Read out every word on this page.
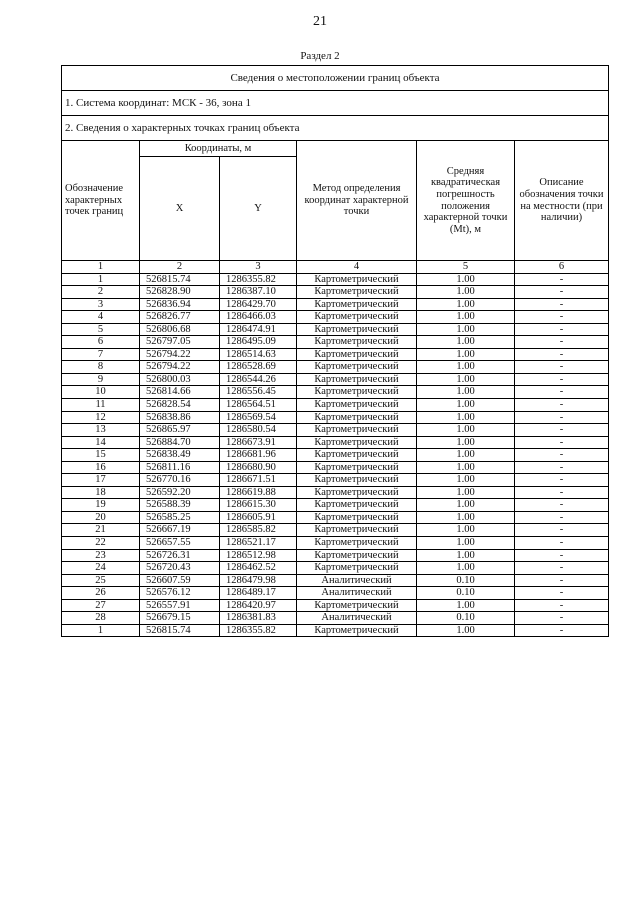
21
Раздел 2
Сведения о местоположении границ объекта					
1. Система координат: МСК - 36, зона 1					
2. Сведения о характерных точках границ объекта					
Обозначение характерных точек границ	Координаты, м		Метод определения координат характерной точки	Средняя квадратическая погрешность положения характерной точки (Mt), м	Описание обозначения точки на местности (при наличии)
	X	Y			
1	2	3	4	5	6
1	526815.74	1286355.82	Картометрический	1.00	-
2	526828.90	1286387.10	Картометрический	1.00	-
3	526836.94	1286429.70	Картометрический	1.00	-
4	526826.77	1286466.03	Картометрический	1.00	-
5	526806.68	1286474.91	Картометрический	1.00	-
6	526797.05	1286495.09	Картометрический	1.00	-
7	526794.22	1286514.63	Картометрический	1.00	-
8	526794.22	1286528.69	Картометрический	1.00	-
9	526800.03	1286544.26	Картометрический	1.00	-
10	526814.66	1286556.45	Картометрический	1.00	-
11	526828.54	1286564.51	Картометрический	1.00	-
12	526838.86	1286569.54	Картометрический	1.00	-
13	526865.97	1286580.54	Картометрический	1.00	-
14	526884.70	1286673.91	Картометрический	1.00	-
15	526838.49	1286681.96	Картометрический	1.00	-
16	526811.16	1286680.90	Картометрический	1.00	-
17	526770.16	1286671.51	Картометрический	1.00	-
18	526592.20	1286619.88	Картометрический	1.00	-
19	526588.39	1286615.30	Картометрический	1.00	-
20	526585.25	1286605.91	Картометрический	1.00	-
21	526667.19	1286585.82	Картометрический	1.00	-
22	526657.55	1286521.17	Картометрический	1.00	-
23	526726.31	1286512.98	Картометрический	1.00	-
24	526720.43	1286462.52	Картометрический	1.00	-
25	526607.59	1286479.98	Аналитический	0.10	-
26	526576.12	1286489.17	Аналитический	0.10	-
27	526557.91	1286420.97	Картометрический	1.00	-
28	526679.15	1286381.83	Аналитический	0.10	-
1	526815.74	1286355.82	Картометрический	1.00	-
